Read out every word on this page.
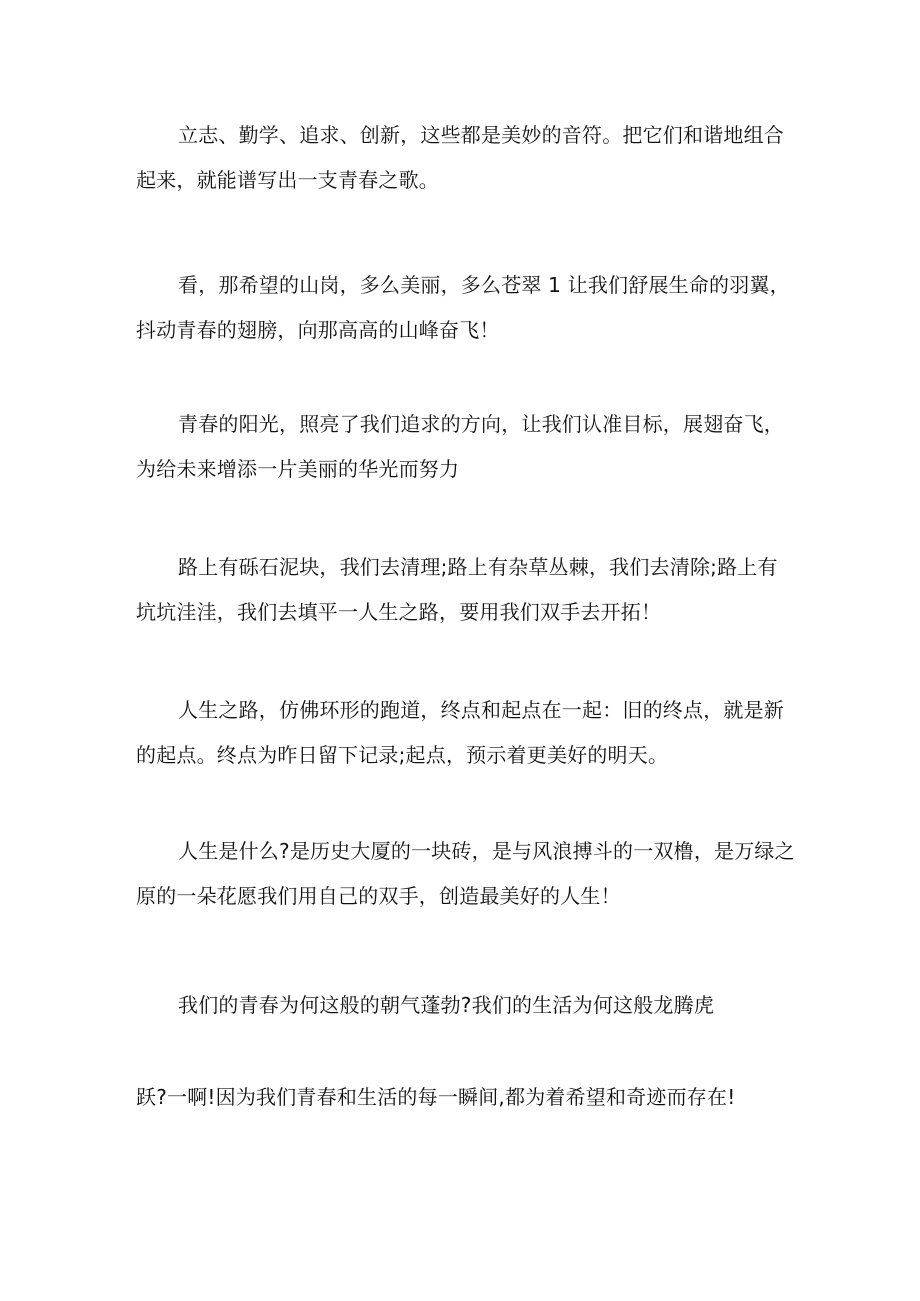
立志、勤学、追求、创新，这些都是美妙的音符。把它们和谐地组合起来，就能谱写出一支青春之歌。

看，那希望的山岗，多么美丽，多么苍翠 1 让我们舒展生命的羽翼，抖动青春的翅膀，向那高高的山峰奋飞！

青春的阳光，照亮了我们追求的方向，让我们认准目标，展翅奋飞，为给未来增添一片美丽的华光而努力

路上有砾石泥块，我们去清理;路上有杂草丛棘，我们去清除;路上有坑坑洼洼，我们去填平一人生之路，要用我们双手去开拓！

人生之路，仿佛环形的跑道，终点和起点在一起：旧的终点，就是新的起点。终点为昨日留下记录;起点，预示着更美好的明天。

人生是什么?是历史大厦的一块砖，是与风浪搏斗的一双橹，是万绿之原的一朵花愿我们用自己的双手，创造最美好的人生！

我们的青春为何这般的朝气蓬勃?我们的生活为何这般龙腾虎

跃?一啊!因为我们青春和生活的每一瞬间,都为着希望和奇迹而存在!
